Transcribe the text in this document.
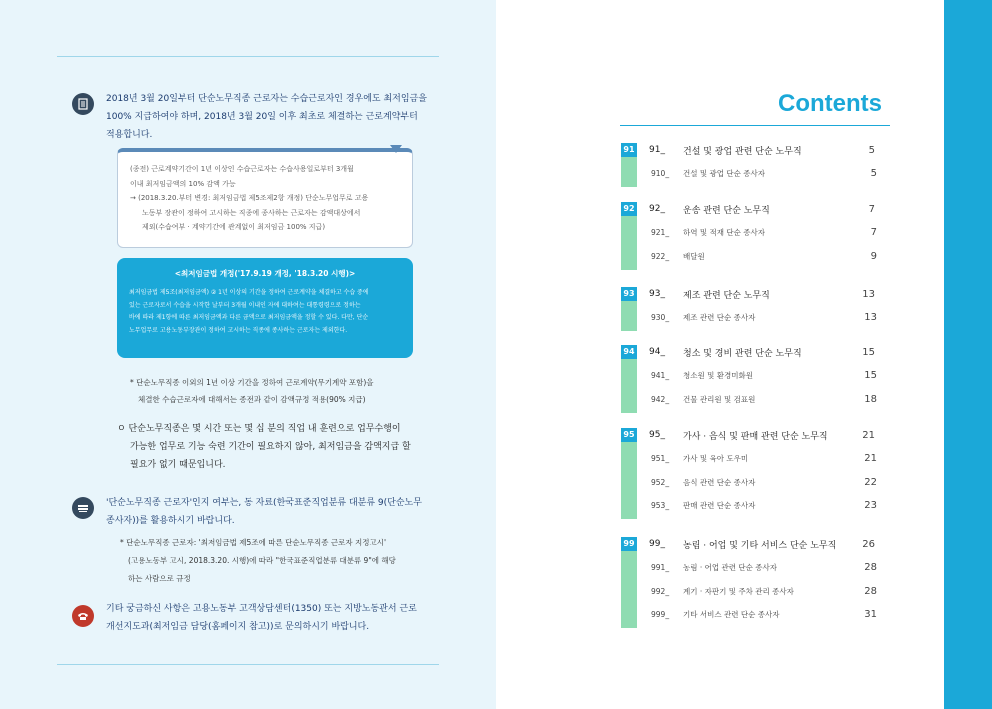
2018년 3월 20일부터 단순노무직종 근로자는 수습근로자인 경우에도 최저임금을
100% 지급하여야 하며, 2018년 3월 20일 이후 최초로 체결하는 근로계약부터
적용합니다.
(종전) 근로계약기간이 1년 이상인 수습근로자는 수습사용일로부터 3개월
이내 최저임금액의 10% 감액 가능
→ (2018.3.20.부터 변경: 최저임금법 제5조제2항 개정) 단순노무업무로 고용
노동부 장관이 정하여 고시하는 직종에 종사하는 근로자는 감액대상에서
제외(수습여부 · 계약기간에 관계없이 최저임금 100% 지급)
<최저임금법 개정('17.9.19 개정, '18.3.20 시행)>
최저임금법 제5조(최저임금액) ② 1년 이상의 기간을 정하여 근로계약을 체결하고 수습 중에
있는 근로자로서 수습을 시작한 날부터 3개월 이내인 자에 대하여는 대통령령으로 정하는
바에 따라 제1항에 따른 최저임금액과 다른 금액으로 최저임금액을 정할 수 있다. 다만, 단순
노무업무로 고용노동부장관이 정하여 고시하는 직종에 종사하는 근로자는 제외한다.
* 단순노무직종 이외의 1년 이상 기간을 정하여 근로계약(무기계약 포함)을
체결한 수습근로자에 대해서는 종전과 같이 감액규정 적용(90% 지급)
ㅇ 단순노무직종은 몇 시간 또는 몇 십 분의 직업 내 훈련으로 업무수행이
가능한 업무로 기능 숙련 기간이 필요하지 않아, 최저임금을 감액지급 할
필요가 없기 때문입니다.
'단순노무직종 근로자'인지 여부는, 동 자료(한국표준직업분류 대분류 9(단순노무
종사자))를 활용하시기 바랍니다.
* 단순노무직종 근로자: '최저임금법 제5조에 따른 단순노무직종 근로자 지정고시'
(고용노동부 고시, 2018.3.20. 시행)에 따라 "한국표준직업분류 대분류 9"에 해당
하는 사람으로 규정
기타 궁금하신 사항은 고용노동부 고객상담센터(1350) 또는 지방노동관서 근로
개선지도과(최저임금 담당(홈페이지 참고))로 문의하시기 바랍니다.
Contents
91 91_	건설 및 광업 관련 단순 노무직	5
910_	건설 및 광업 단순 종사자	5
92 92_	운송 관련 단순 노무직	7
921_	하역 및 적재 단순 종사자	7
922_	배달원	9
93 93_	제조 관련 단순 노무직	13
930_	제조 관련 단순 종사자	13
94 94_	청소 및 경비 관련 단순 노무직	15
941_	청소원 및 환경미화원	15
942_	건물 관리원 및 검표원	18
95 95_	가사 · 음식 및 판매 관련 단순 노무직	21
951_	가사 및 육아 도우미	21
952_	음식 관련 단순 종사자	22
953_	판매 관련 단순 종사자	23
99 99_	농림 · 어업 및 기타 서비스 단순 노무직	26
991_	농림 · 어업 관련 단순 종사자	28
992_	계기 · 자판기 및 주차 관리 종사자	28
999_	기타 서비스 관련 단순 종사자	31
